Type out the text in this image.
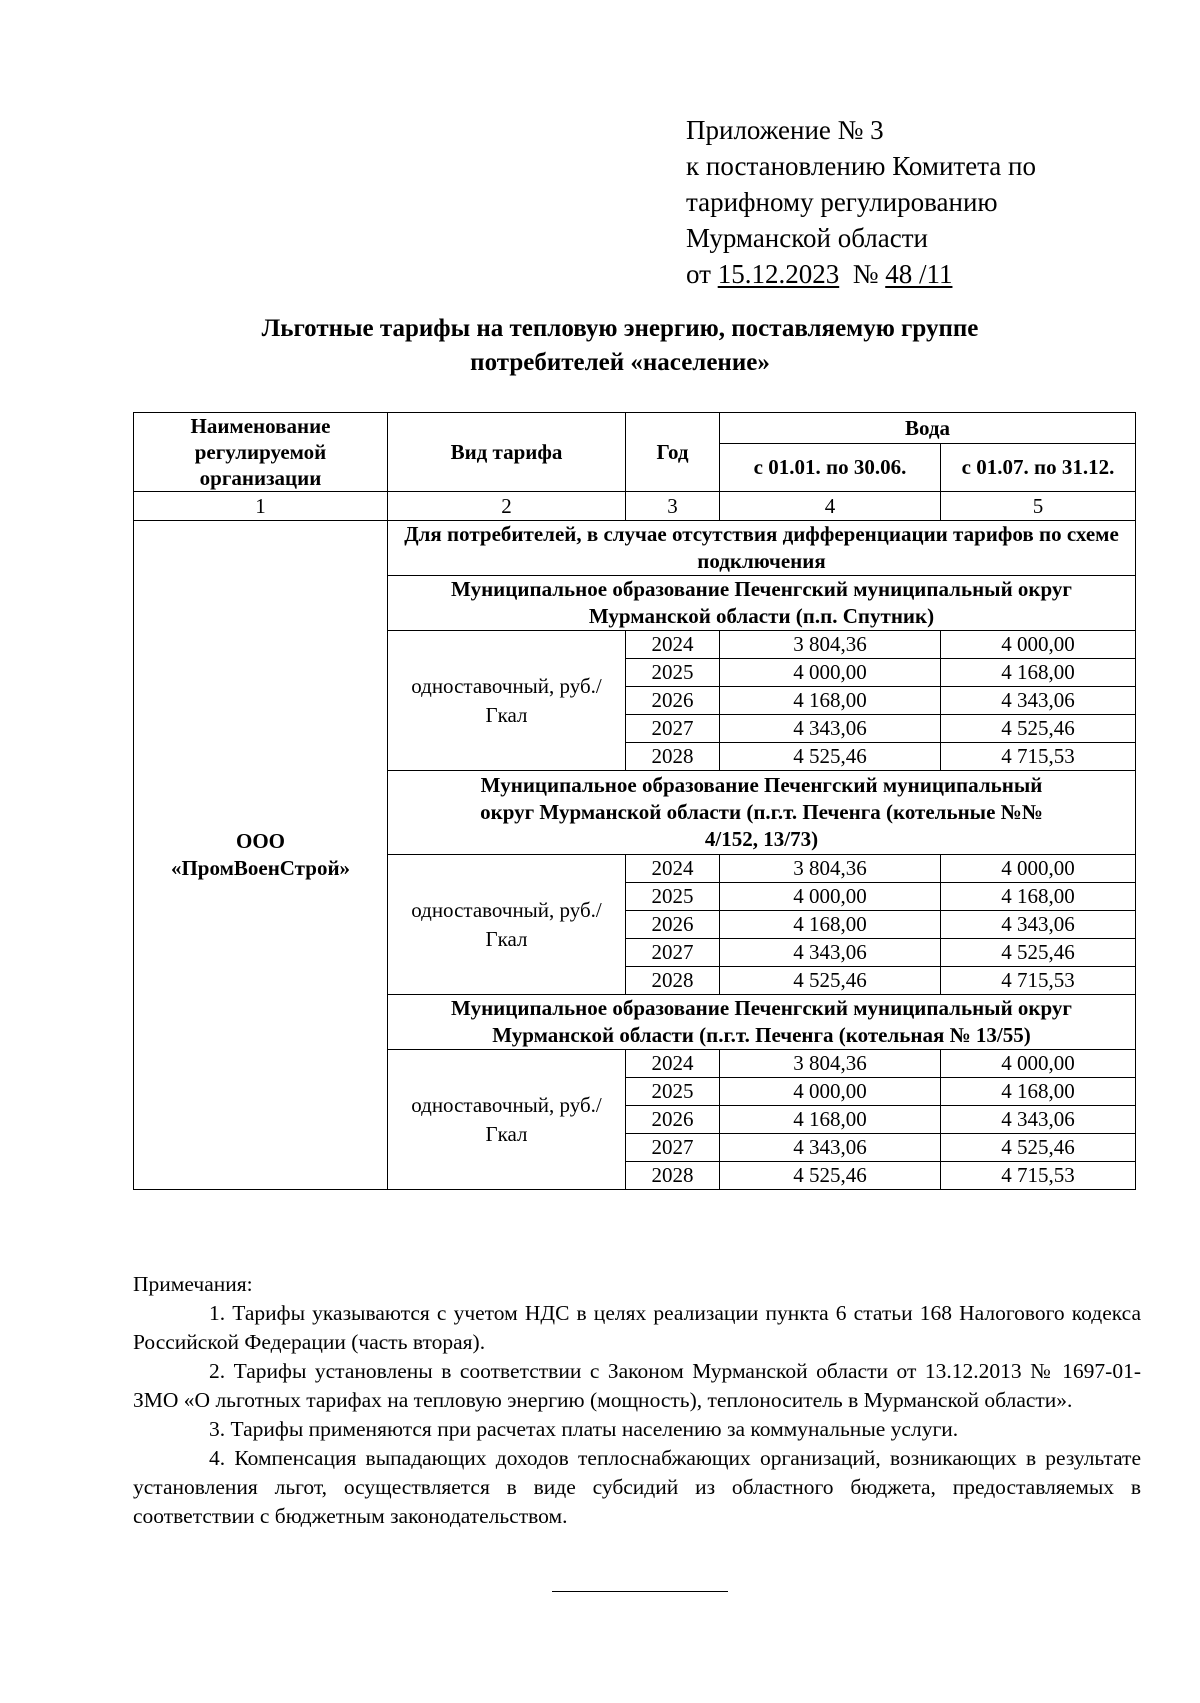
Приложение № 3
к постановлению Комитета по
тарифному регулированию
Мурманской области
от 15.12.2023 № 48 /11
Льготные тарифы на тепловую энергию, поставляемую группе
потребителей «население»
Наименование регулируемой организации	Вид тарифа	Год	Вода	
			с 01.01. по 30.06.	с 01.07. по 31.12.
1	2	3	4	5

ООО
«ПромВоенСтрой»	Для потребителей, в случае отсутствия дифференциации тарифов по схеме подключения			
	Муниципальное образование Печенгский муниципальный округ Мурманской области (п.п. Спутник)			
	одноставочный, руб./Гкал	2024	3 804,36	4 000,00
		2025	4 000,00	4 168,00
		2026	4 168,00	4 343,06
		2027	4 343,06	4 525,46
		2028	4 525,46	4 715,53
	Муниципальное образование Печенгский муниципальный округ Мурманской области (п.г.т. Печенга (котельные №№ 4/152, 13/73)			
	одноставочный, руб./Гкал	2024	3 804,36	4 000,00
		2025	4 000,00	4 168,00
		2026	4 168,00	4 343,06
		2027	4 343,06	4 525,46
		2028	4 525,46	4 715,53
	Муниципальное образование Печенгский муниципальный округ Мурманской области (п.г.т. Печенга (котельная № 13/55)			
	одноставочный, руб./Гкал	2024	3 804,36	4 000,00
		2025	4 000,00	4 168,00
		2026	4 168,00	4 343,06
		2027	4 343,06	4 525,46
		2028	4 525,46	4 715,53

Примечания:

1. Тарифы указываются с учетом НДС в целях реализации пункта 6 статьи 168 Налогового кодекса Российской Федерации (часть вторая).

2. Тарифы установлены в соответствии с Законом Мурманской области от 13.12.2013 № 1697-01-ЗМО «О льготных тарифах на тепловую энергию (мощность), теплоноситель в Мурманской области».

3. Тарифы применяются при расчетах платы населению за коммунальные услуги.

4. Компенсация выпадающих доходов теплоснабжающих организаций, возникающих в результате установления льгот, осуществляется в виде субсидий из областного бюджета, предоставляемых в соответствии с бюджетным законодательством.
